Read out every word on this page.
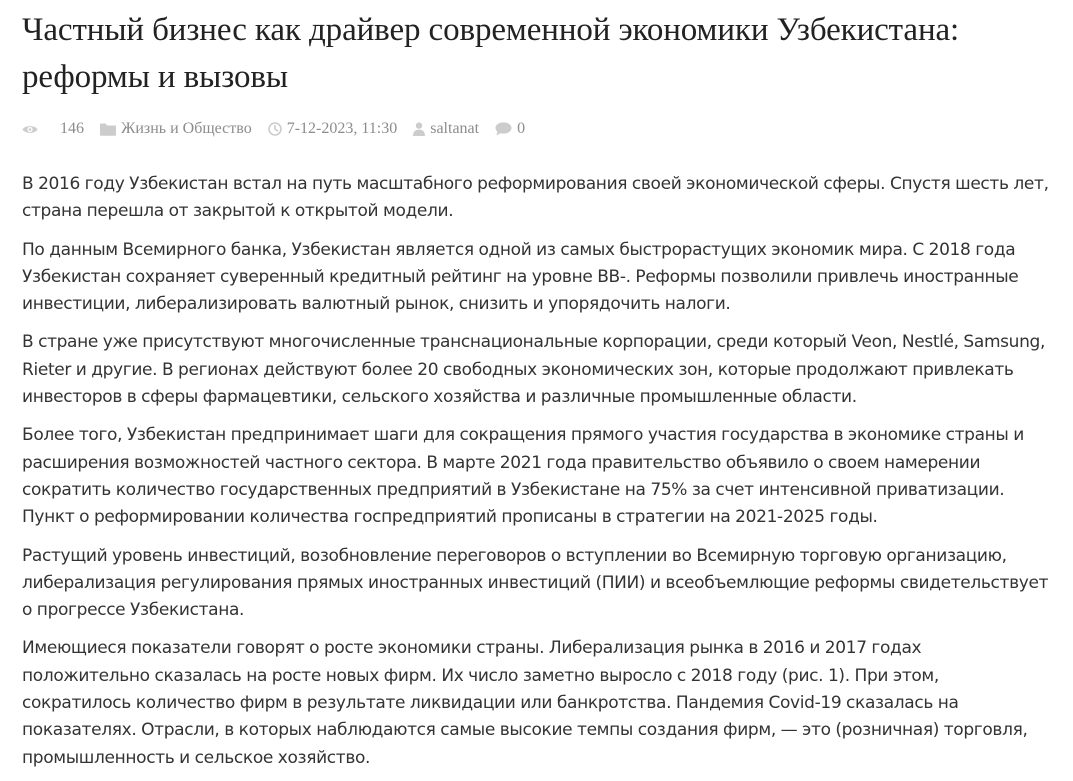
Частный бизнес как драйвер современной экономики Узбекистана: реформы и вызовы
146 Жизнь и Общество 7-12-2023, 11:30 saltanat 0

В 2016 году Узбекистан встал на путь масштабного реформирования своей экономической сферы. Спустя шесть лет, страна перешла от закрытой к открытой модели.

По данным Всемирного банка, Узбекистан является одной из самых быстрорастущих экономик мира. С 2018 года Узбекистан сохраняет суверенный кредитный рейтинг на уровне BB-. Реформы позволили привлечь иностранные инвестиции, либерализировать валютный рынок, снизить и упорядочить налоги.

В стране уже присутствуют многочисленные транснациональные корпорации, среди который Veon, Nestlé, Samsung, Rieter и другие. В регионах действуют более 20 свободных экономических зон, которые продолжают привлекать инвесторов в сферы фармацевтики, сельского хозяйства и различные промышленные области.

Более того, Узбекистан предпринимает шаги для сокращения прямого участия государства в экономике страны и расширения возможностей частного сектора. В марте 2021 года правительство объявило о своем намерении сократить количество государственных предприятий в Узбекистане на 75% за счет интенсивной приватизации. Пункт о реформировании количества госпредприятий прописаны в стратегии на 2021-2025 годы.

Растущий уровень инвестиций, возобновление переговоров о вступлении во Всемирную торговую организацию, либерализация регулирования прямых иностранных инвестиций (ПИИ) и всеобъемлющие реформы свидетельствует о прогрессе Узбекистана.

Имеющиеся показатели говорят о росте экономики страны. Либерализация рынка в 2016 и 2017 годах положительно сказалась на росте новых фирм. Их число заметно выросло с 2018 году (рис. 1). При этом, сократилось количество фирм в результате ликвидации или банкротства. Пандемия Covid-19 сказалась на показателях. Отрасли, в которых наблюдаются самые высокие темпы создания фирм, — это (розничная) торговля, промышленность и сельское хозяйство.
